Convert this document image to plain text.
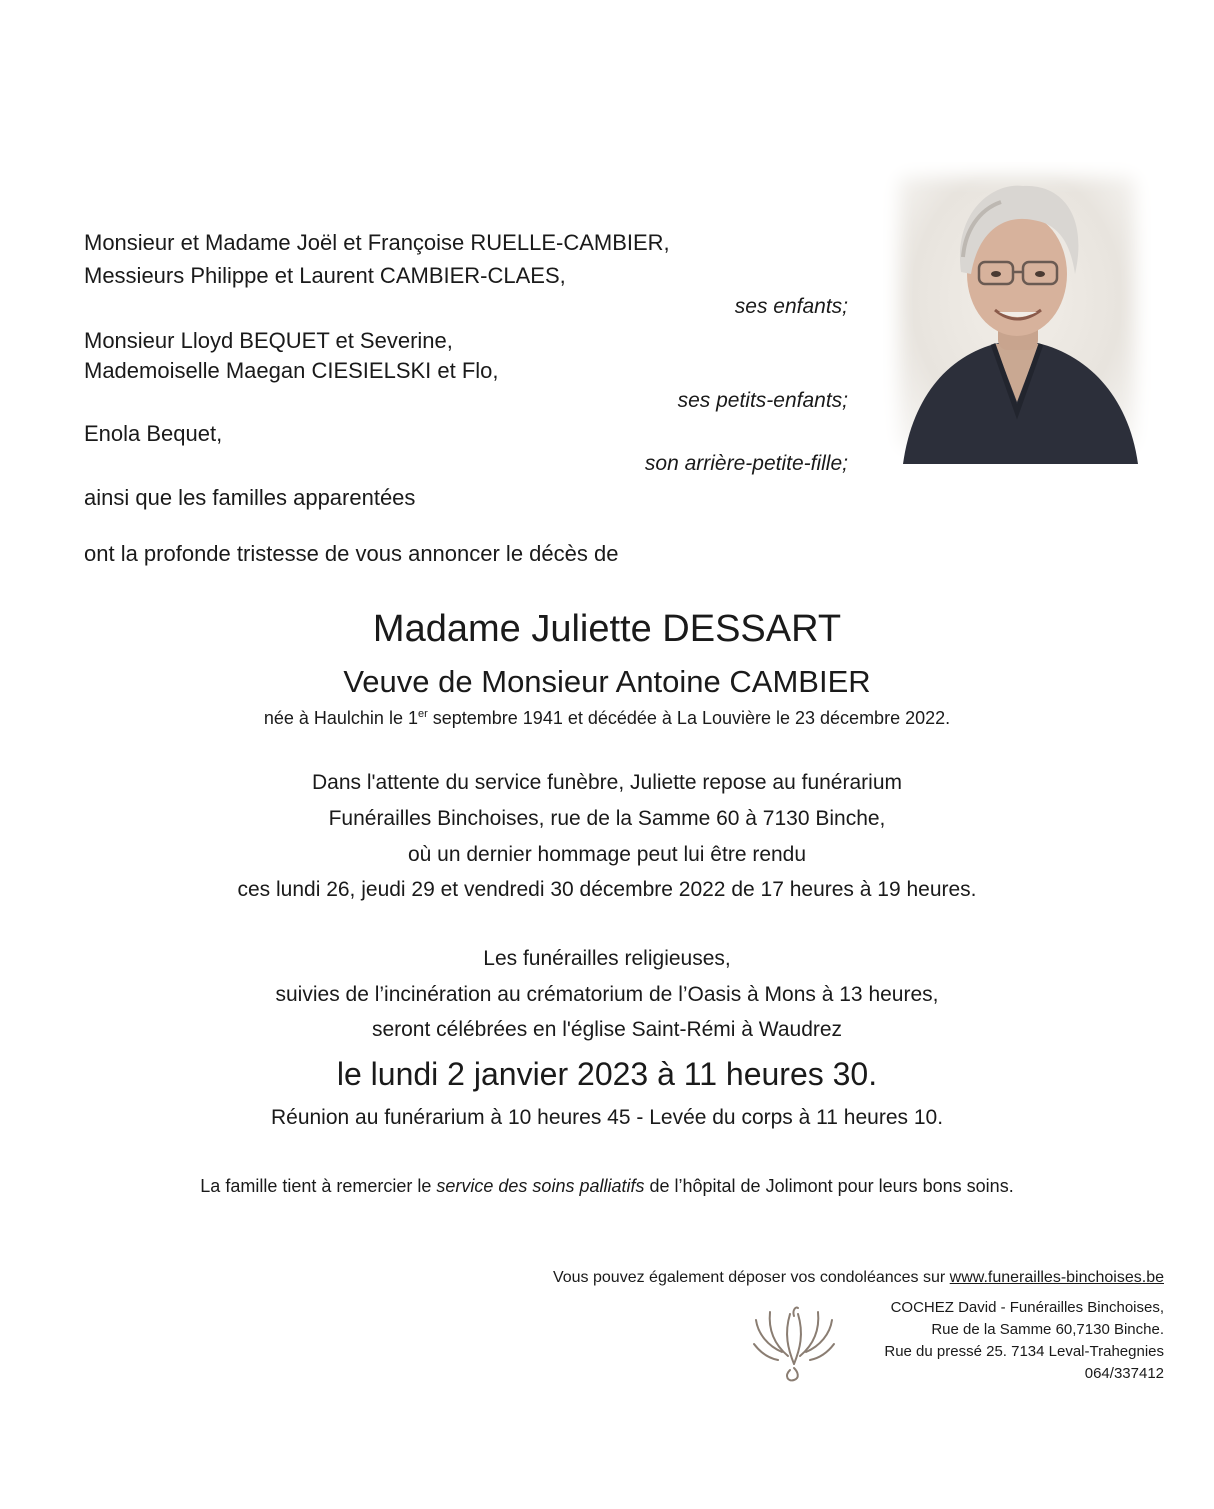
Monsieur et Madame Joël et Françoise RUELLE-CAMBIER,
Messieurs Philippe et Laurent CAMBIER-CLAES,
ses enfants;
Monsieur Lloyd BEQUET et Severine,
Mademoiselle Maegan CIESIELSKI et Flo,
ses petits-enfants;
Enola Bequet,
son arrière-petite-fille;
ainsi que les familles apparentées
ont la profonde tristesse de vous annoncer le décès de
Madame Juliette DESSART
Veuve de Monsieur Antoine CAMBIER
née à Haulchin le 1er septembre 1941 et décédée à La Louvière le 23 décembre 2022.
Dans l'attente du service funèbre, Juliette repose au funérarium
Funérailles Binchoises, rue de la Samme 60 à 7130 Binche,
où un dernier hommage peut lui être rendu
ces lundi 26, jeudi 29 et vendredi 30 décembre 2022 de 17 heures à 19 heures.
Les funérailles religieuses,
suivies de l’incinération au crématorium de l’Oasis à Mons à 13 heures,
seront célébrées en l'église Saint-Rémi à Waudrez
le lundi 2 janvier 2023 à 11 heures 30.
Réunion au funérarium à 10 heures 45 - Levée du corps à 11 heures 10.
La famille tient à remercier le service des soins palliatifs de l’hôpital de Jolimont pour leurs bons soins.
Vous pouvez également déposer vos condoléances sur www.funerailles-binchoises.be
COCHEZ David - Funérailles Binchoises,
Rue de la Samme 60,7130 Binche.
Rue du pressé 25. 7134 Leval-Trahegnies
064/337412
